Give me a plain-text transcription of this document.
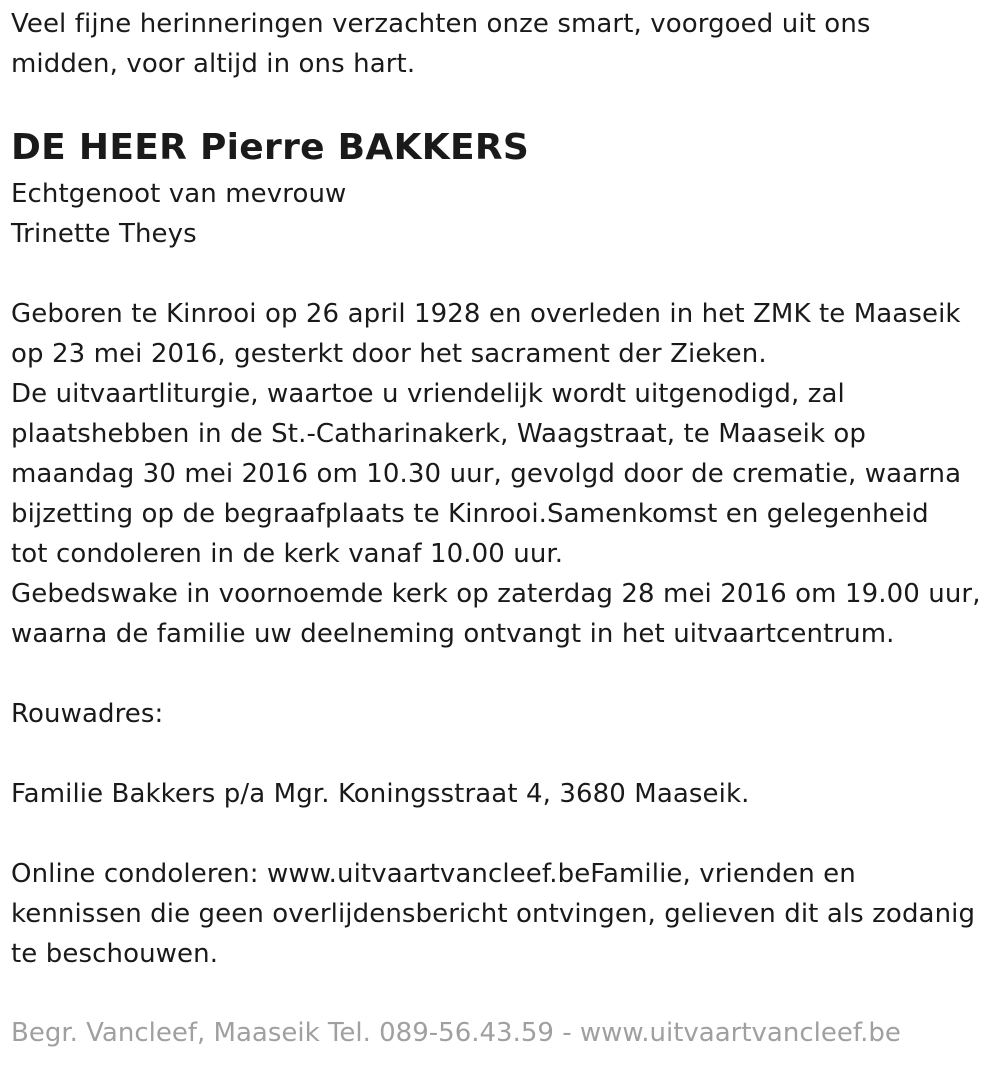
Veel fijne herinneringen verzachten onze smart, voorgoed uit ons

midden, voor altijd in ons hart.

DE HEER Pierre BAKKERS

Echtgenoot van mevrouw

Trinette Theys

Geboren te Kinrooi op 26 april 1928 en overleden in het ZMK te Maaseik

op 23 mei 2016, gesterkt door het sacrament der Zieken.

De uitvaartliturgie, waartoe u vriendelijk wordt uitgenodigd, zal

plaatshebben in de St.-Catharinakerk, Waagstraat, te Maaseik op

maandag 30 mei 2016 om 10.30 uur, gevolgd door de crematie, waarna

bijzetting op de begraafplaats te Kinrooi.Samenkomst en gelegenheid

tot condoleren in de kerk vanaf 10.00 uur.

Gebedswake in voornoemde kerk op zaterdag 28 mei 2016 om 19.00 uur,

waarna de familie uw deelneming ontvangt in het uitvaartcentrum.

Rouwadres:

Familie Bakkers p/a Mgr. Koningsstraat 4, 3680 Maaseik.

Online condoleren: www.uitvaartvancleef.beFamilie, vrienden en

kennissen die geen overlijdensbericht ontvingen, gelieven dit als zodanig

te beschouwen.

Begr. Vancleef, Maaseik Tel. 089-56.43.59 - www.uitvaartvancleef.be
